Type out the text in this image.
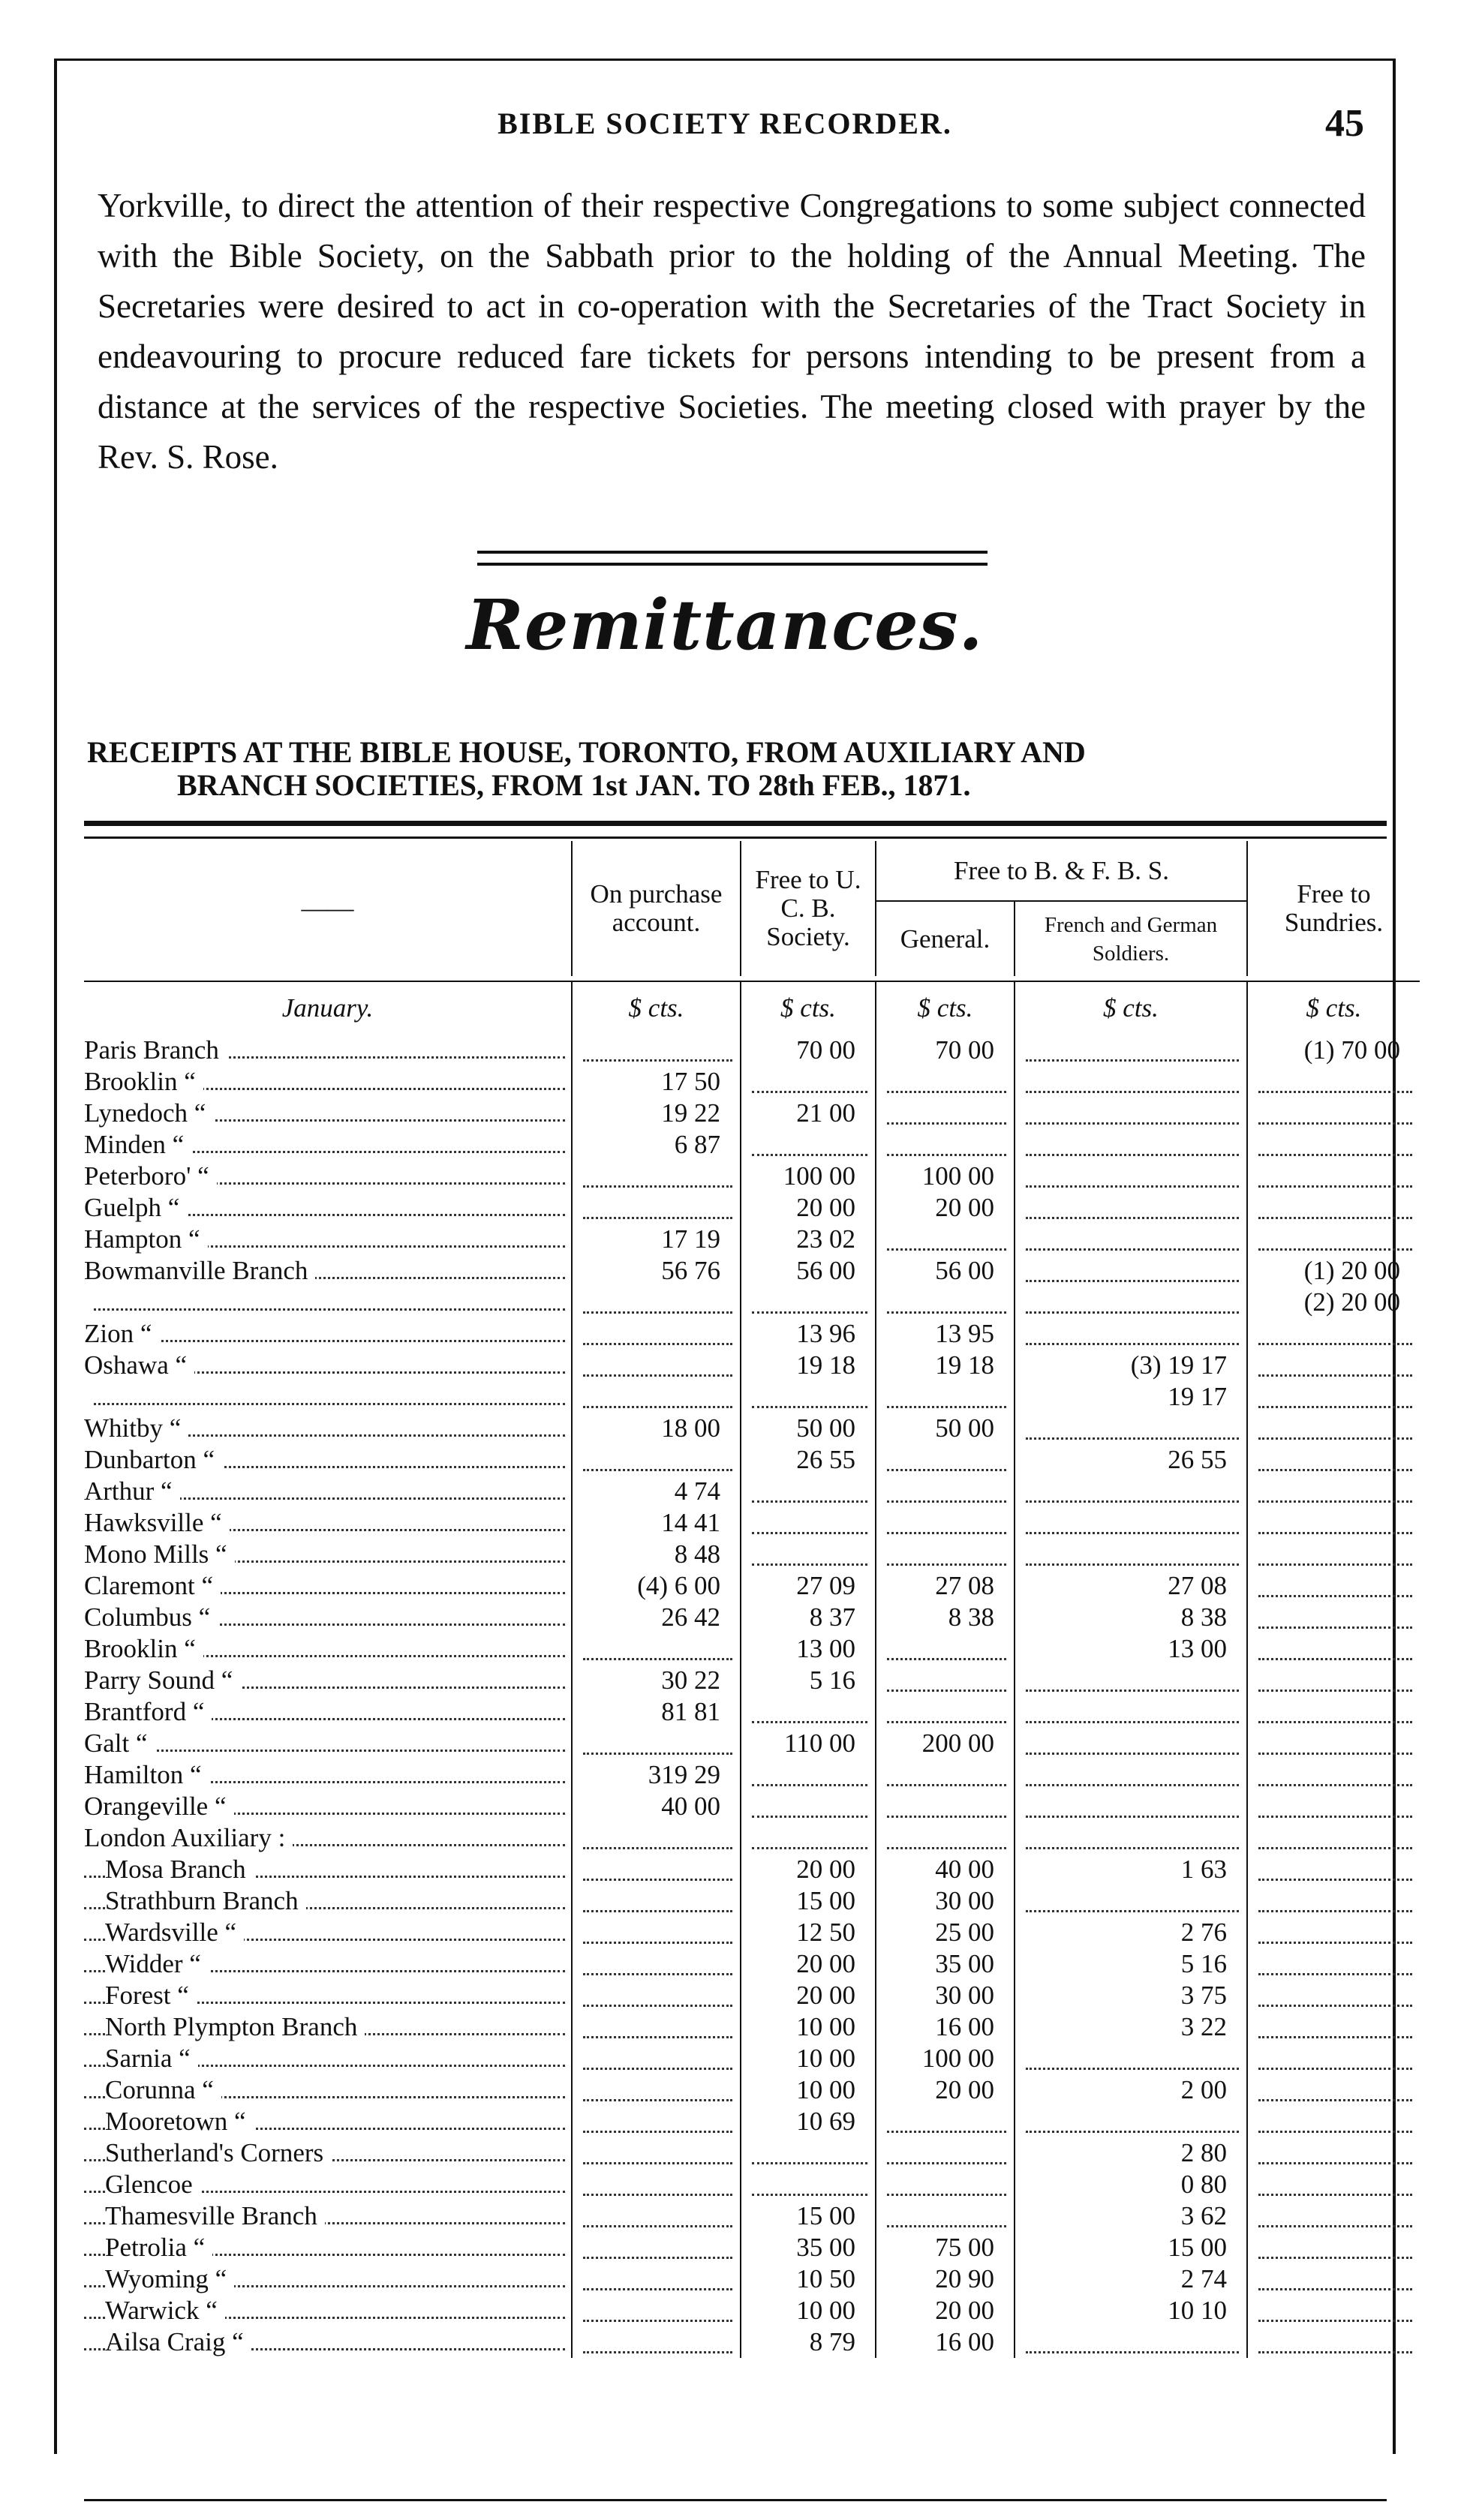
BIBLE SOCIETY RECORDER.	45
Yorkville, to direct the attention of their respective Congregations to some subject connected with the Bible Society, on the Sabbath prior to the holding of the Annual Meeting. The Secretaries were desired to act in co-operation with the Secretaries of the Tract Society in endeavouring to procure reduced fare tickets for persons intending to be present from a distance at the services of the respective Societies. The meeting closed with prayer by the Rev. S. Rose.
Remittances.
RECEIPTS AT THE BIBLE HOUSE, TORONTO, FROM AUXILIARY AND
BRANCH SOCIETIES, FROM 1st JAN. TO 28th FEB., 1871.
——	On purchase account.	Free to U. C. B. Society.	Free to B. & F. B. S.		Free to Sundries.
			General.	French and German Soldiers.	

January.	$ cts.	$ cts.	$ cts.	$ cts.	$ cts.
Paris Branch		70 00	70 00		(1) 70 00
Brooklin “	17 50				
Lynedoch “	19 22	21 00			
Minden “	6 87				
Peterboro' “		100 00	100 00		
Guelph “		20 00	20 00		
Hampton “	17 19	23 02			
Bowmanville Branch	56 76	56 00	56 00		(1) 20 00
					(2) 20 00
Zion “		13 96	13 95		
Oshawa “		19 18	19 18	(3) 19 17	
				19 17	
Whitby “	18 00	50 00	50 00		
Dunbarton “		26 55		26 55	
Arthur “	4 74				
Hawksville “	14 41				
Mono Mills “	8 48				
Claremont “	(4) 6 00	27 09	27 08	27 08	
Columbus “	26 42	8 37	8 38	8 38	
Brooklin “		13 00		13 00	
Parry Sound “	30 22	5 16			
Brantford “	81 81				
Galt “		110 00	200 00		
Hamilton “	319 29				
Orangeville “	40 00				
London Auxiliary :					
Mosa Branch		20 00	40 00	1 63	
Strathburn Branch		15 00	30 00		
Wardsville “		12 50	25 00	2 76	
Widder “		20 00	35 00	5 16	
Forest “		20 00	30 00	3 75	
North Plympton Branch		10 00	16 00	3 22	
Sarnia “		10 00	100 00		
Corunna “		10 00	20 00	2 00	
Mooretown “		10 69			
Sutherland's Corners				2 80	
Glencoe				0 80	
Thamesville Branch		15 00		3 62	
Petrolia “		35 00	75 00	15 00	
Wyoming “		10 50	20 90	2 74	
Warwick “		10 00	20 00	10 10	
Ailsa Craig “		8 79	16 00		
